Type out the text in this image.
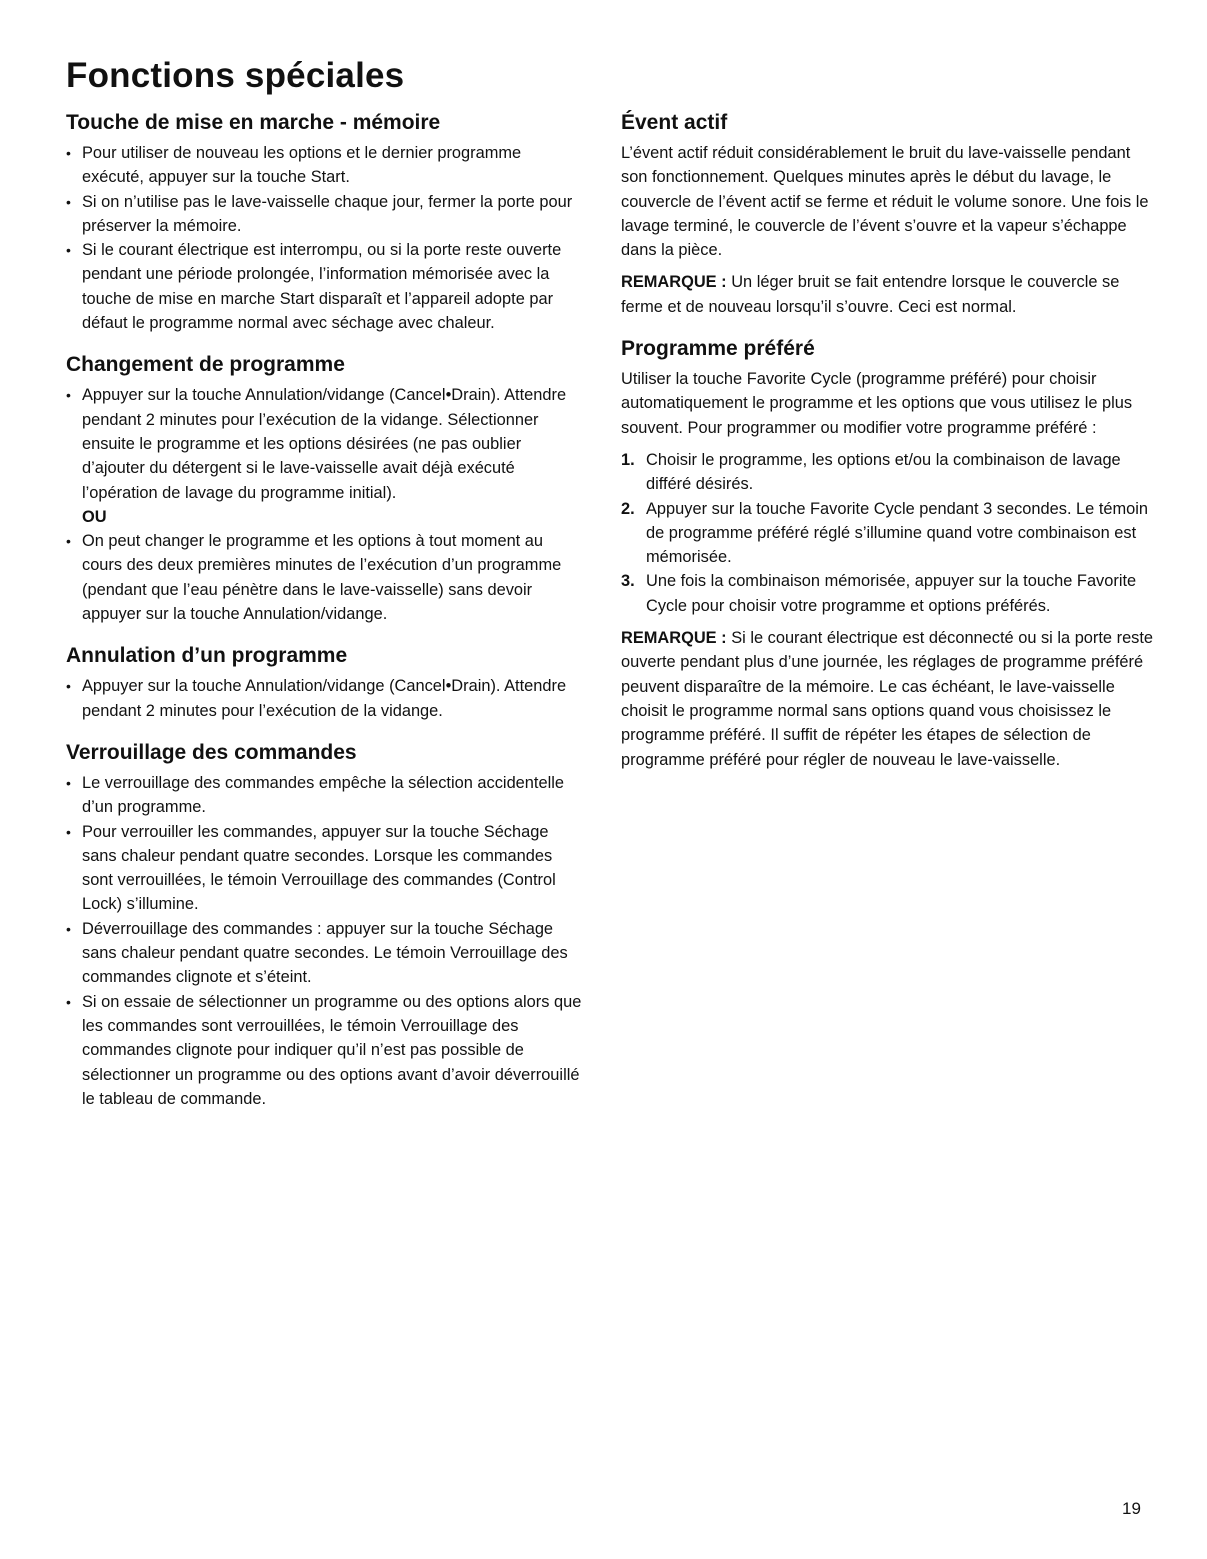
Fonctions spéciales
Touche de mise en marche - mémoire
• Pour utiliser de nouveau les options et le dernier programme exécuté, appuyer sur la touche Start.
• Si on n’utilise pas le lave-vaisselle chaque jour, fermer la porte pour préserver la mémoire.
• Si le courant électrique est interrompu, ou si la porte reste ouverte pendant une période prolongée, l’information mémorisée avec la touche de mise en marche Start disparaît et l’appareil adopte par défaut le programme normal avec séchage avec chaleur.
Changement de programme
• Appuyer sur la touche Annulation/vidange (Cancel•Drain). Attendre pendant 2 minutes pour l’exécution de la vidange. Sélectionner ensuite le programme et les options désirées (ne pas oublier d’ajouter du détergent si le lave-vaisselle avait déjà exécuté l’opération de lavage du programme initial).
OU
• On peut changer le programme et les options à tout moment au cours des deux premières minutes de l’exécution d’un programme (pendant que l’eau pénètre dans le lave-vaisselle) sans devoir appuyer sur la touche Annulation/vidange.
Annulation d’un programme
• Appuyer sur la touche Annulation/vidange (Cancel•Drain). Attendre pendant 2 minutes pour l’exécution de la vidange.
Verrouillage des commandes
• Le verrouillage des commandes empêche la sélection accidentelle d’un programme.
• Pour verrouiller les commandes, appuyer sur la touche Séchage sans chaleur pendant quatre secondes. Lorsque les commandes sont verrouillées, le témoin Verrouillage des commandes (Control Lock) s’illumine.
• Déverrouillage des commandes : appuyer sur la touche Séchage sans chaleur pendant quatre secondes. Le témoin Verrouillage des commandes clignote et s’éteint.
• Si on essaie de sélectionner un programme ou des options alors que les commandes sont verrouillées, le témoin Verrouillage des commandes clignote pour indiquer qu’il n’est pas possible de sélectionner un programme ou des options avant d’avoir déverrouillé le tableau de commande.
Évent actif

L’évent actif réduit considérablement le bruit du lave-vaisselle pendant son fonctionnement. Quelques minutes après le début du lavage, le couvercle de l’évent actif se ferme et réduit le volume sonore. Une fois le lavage terminé, le couvercle de l’évent s’ouvre et la vapeur s’échappe dans la pièce.

REMARQUE : Un léger bruit se fait entendre lorsque le couvercle se ferme et de nouveau lorsqu’il s’ouvre. Ceci est normal.

Programme préféré

Utiliser la touche Favorite Cycle (programme préféré) pour choisir automatiquement le programme et les options que vous utilisez le plus souvent. Pour programmer ou modifier votre programme préféré :

1. Choisir le programme, les options et/ou la combinaison de lavage différé désirés.
2. Appuyer sur la touche Favorite Cycle pendant 3 secondes. Le témoin de programme préféré réglé s’illumine quand votre combinaison est mémorisée.
3. Une fois la combinaison mémorisée, appuyer sur la touche Favorite Cycle pour choisir votre programme et options préférés.

REMARQUE : Si le courant électrique est déconnecté ou si la porte reste ouverte pendant plus d’une journée, les réglages de programme préféré peuvent disparaître de la mémoire. Le cas échéant, le lave-vaisselle choisit le programme normal sans options quand vous choisissez le programme préféré. Il suffit de répéter les étapes de sélection de programme préféré pour régler de nouveau le lave-vaisselle.

19
